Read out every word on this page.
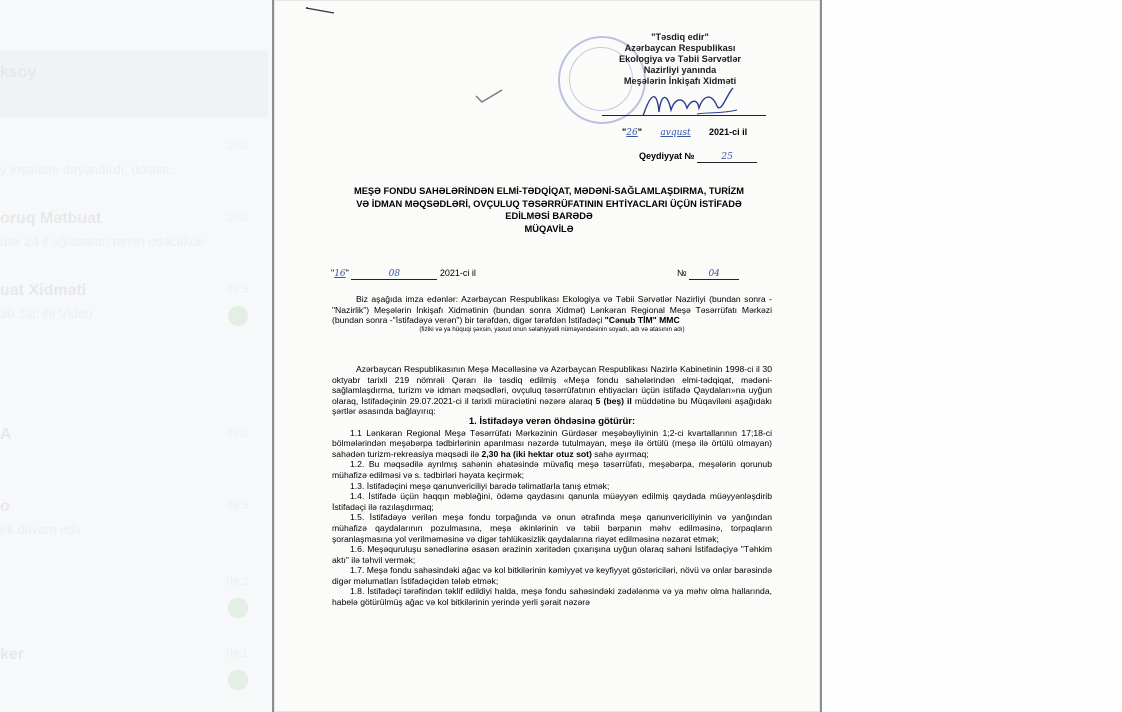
ksoy
n
10:1
y inşaatını dayandırdı; dostlar...
10:0
oruq Mətbuat
dək 24 il ağlabatan təmin edəcəkdir
10:0
uat Xidməti
30 33c ile Video
09:5
A	09:0
o
ek davam edir
08:5
08:2
ker	08:1
"Təsdiq edir"
Azərbaycan Respublikası
Ekologiya və Təbii Sərvətlər
Nazirliyi yanında
Meşələrin İnkişafı Xidməti
"26" avqust 2021-ci il
Qeydiyyat №	25
MEŞƏ FONDU SAHƏLƏRİNDƏN ELMİ-TƏDQİQAT, MƏDƏNİ-SAĞLAMLAŞDIRMA, TURİZM
VƏ İDMAN MƏQSƏDLƏRİ, OVÇULUQ TƏSƏRRÜFATININ EHTİYACLARI ÜÇÜN İSTİFADƏ
EDİLMƏSİ BARƏDƏ
MÜQAVİLƏ
"16"	08	2021-ci il	№ 04

Biz aşağıda imza edənlər: Azərbaycan Respublikası Ekologiya və Təbii Sərvətlər Nazirliyi (bundan sonra - "Nazirlik") Meşələrin İnkişafı Xidmətinin (bundan sonra Xidmət) Lənkəran Regional Meşə Təsərrüfatı Mərkəzi (bundan sonra -"İstifadəyə verən") bir tərəfdən, digər tərəfdən İstifadəçi "Cənub TİM" MMC

(fiziki və ya hüquqi şəxsin, yaxud onun səlahiyyətli nümayəndəsinin soyadı, adı və atasının adı)

Azərbaycan Respublikasının Meşə Məcəlləsinə və Azərbaycan Respublikası Nazirlə Kabinetinin 1998-ci il 30 oktyabr tarixli 219 nömrəli Qərarı ilə təsdiq edilmiş «Meşə fondu sahələrindən elmi-tədqiqat, mədəni-sağlamlaşdırma, turizm və idman məqsədləri, ovçuluq təsərrüfatının ehtiyacları üçün istifadə Qaydaları»na uyğun olaraq, İstifadəçinin 29.07.2021-ci il tarixli müraciətini nəzərə alaraq 5 (beş) il müddətinə bu Müqaviləni aşağıdakı şərtlər əsasında bağlayırıq:

1. İstifadəyə verən öhdəsinə götürür:

1.1 Lənkəran Regional Meşə Təsərrüfatı Mərkəzinin Gürdəsər meşəbəyliyinin 1;2-ci kvartallarının 17;18-ci bölmələrindən meşəbərpa tədbirlərinin aparılması nəzərdə tutulmayan, meşə ilə örtülü (meşə ilə örtülü olmayan) sahədən turizm-rekreasiya məqsədi ilə 2,30 ha (iki hektar otuz sot) sahə ayırmaq;

1.2. Bu məqsədilə ayrılmış sahənin əhatəsində müvafiq meşə təsərrüfatı, meşəbərpa, meşələrin qorunub mühafizə edilməsi və s. tədbirləri həyata keçirmək;

1.3. İstifadəçini meşə qanunvericiliyi barədə təlimatlarla tanış etmək;

1.4. İstifadə üçün haqqın məbləğini, ödəmə qaydasını qanunla müəyyən edilmiş qaydada müəyyənləşdirib İstifadəçi ilə razılaşdırmaq;

1.5. İstifadəyə verilən meşə fondu torpağında və onun ətrafında meşə qanunvericiliyinin və yanğından mühafizə qaydalarının pozulmasına, meşə əkinlərinin və təbii bərpanın məhv edilməsinə, torpaqların şoranlaşmasına yol verilməməsinə və digər təhlükəsizlik qaydalarına riayət edilməsinə nəzarət etmək;

1.6. Meşəquruluşu sənədlərinə əsasən ərazinin xəritədən çıxarışına uyğun olaraq sahəni İstifadəçiyə "Təhkim aktı" ilə təhvil vermək;

1.7. Meşə fondu sahəsindəki ağac və kol bitkilərinin kəmiyyət və keyfiyyət göstəriciləri, növü və onlar barəsində digər məlumatları İstifadəçidən tələb etmək;

1.8. İstifadəçi tərəfindən təklif edildiyi halda, meşə fondu sahəsindəki zədələnmə və ya məhv olma hallarında, habelə götürülmüş ağac və kol bitkilərinin yerində yerli şərait nəzərə
